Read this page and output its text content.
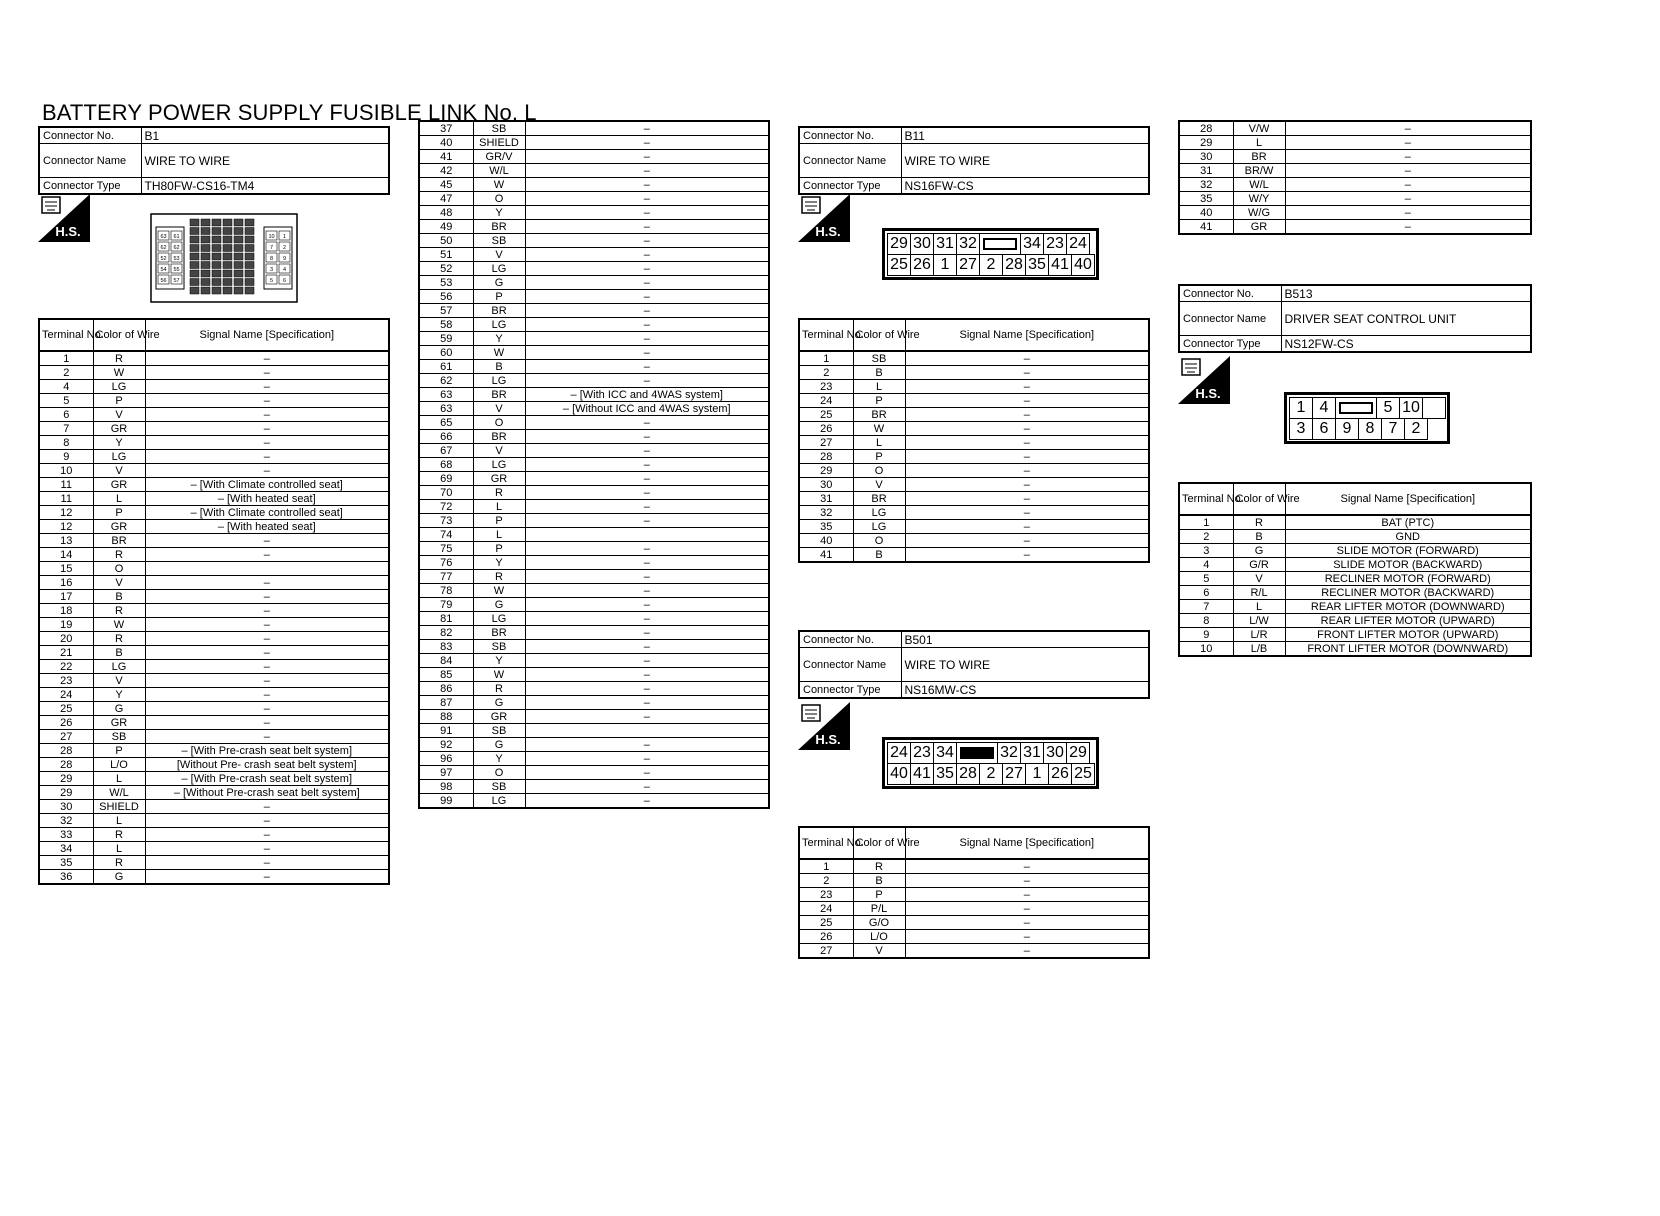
BATTERY POWER SUPPLY FUSIBLE LINK No. L
Connector No.	B1
Connector Name	WIRE TO WIRE
Connector Type	TH80FW-CS16-TM4
H.S.	63 61
62 62
52 53
54 55
56 57
10 1
7 2
8 9
3 4
5 6
Terminal No.	Color of Wire	Signal Name [Specification]
1	R	–
2	W	–
4	LG	–
5	P	–
6	V	–
7	GR	–
8	Y	–
9	LG	–
10	V	–
11	GR	– [With Climate controlled seat]
11	L	– [With heated seat]
12	P	– [With Climate controlled seat]
12	GR	– [With heated seat]
13	BR	–
14	R	–
15	O	
16	V	–
17	B	–
18	R	–
19	W	–
20	R	–
21	B	–
22	LG	–
23	V	–
24	Y	–
25	G	–
26	GR	–
27	SB	–
28	P	– [With Pre-crash seat belt system]
28	L/O	[Without Pre- crash seat belt system]
29	L	– [With Pre-crash seat belt system]
29	W/L	– [Without Pre-crash seat belt system]
30	SHIELD	–
32	L	–
33	R	–
34	L	–
35	R	–
36	G	–
37	SB	–
40	SHIELD	–
41	GR/V	–
42	W/L	–
45	W	–
47	O	–
48	Y	–
49	BR	–
50	SB	–
51	V	–
52	LG	–
53	G	–
56	P	–
57	BR	–
58	LG	–
59	Y	–
60	W	–
61	B	–
62	LG	–
63	BR	– [With ICC and 4WAS system]
63	V	– [Without ICC and 4WAS system]
65	O	–
66	BR	–
67	V	–
68	LG	–
69	GR	–
70	R	–
72	L	–
73	P	–
74	L	
75	P	–
76	Y	–
77	R	–
78	W	–
79	G	–
81	LG	–
82	BR	–
83	SB	–
84	Y	–
85	W	–
86	R	–
87	G	–
88	GR	–
91	SB	
92	G	–
96	Y	–
97	O	–
98	SB	–
99	LG	–
Connector No.	B11
Connector Name	WIRE TO WIRE
Connector Type	NS16FW-CS
H.S.
29 30 31 32	34 23 24
25 26 1 27 2 28 35 41 40
Terminal No.	Color of Wire	Signal Name [Specification]
1	SB	–
2	B	–
23	L	–
24	P	–
25	BR	–
26	W	–
27	L	–
28	P	–
29	O	–
30	V	–
31	BR	–
32	LG	–
35	LG	–
40	O	–
41	B	–
Connector No.	B501
Connector Name	WIRE TO WIRE
Connector Type	NS16MW-CS
H.S.
24 23 34	32 31 30 29
40 41 35 28 2 27 1 26 25
Terminal No.	Color of Wire	Signal Name [Specification]
1	R	–
2	B	–
23	P	–
24	P/L	–
25	G/O	–
26	L/O	–
27	V	–
28	V/W	–
29	L	–
30	BR	–
31	BR/W	–
32	W/L	–
35	W/Y	–
40	W/G	–
41	GR	–
Connector No.	B513
Connector Name	DRIVER SEAT CONTROL UNIT
Connector Type	NS12FW-CS
H.S.
1 4	5 10
3 6 9 8 7 2
Terminal No.	Color of Wire	Signal Name [Specification]
1	R	BAT (PTC)
2	B	GND
3	G	SLIDE MOTOR (FORWARD)
4	G/R	SLIDE MOTOR (BACKWARD)
5	V	RECLINER MOTOR (FORWARD)
6	R/L	RECLINER MOTOR (BACKWARD)
7	L	REAR LIFTER MOTOR (DOWNWARD)
8	L/W	REAR LIFTER MOTOR (UPWARD)
9	L/R	FRONT LIFTER MOTOR (UPWARD)
10	L/B	FRONT LIFTER MOTOR (DOWNWARD)
